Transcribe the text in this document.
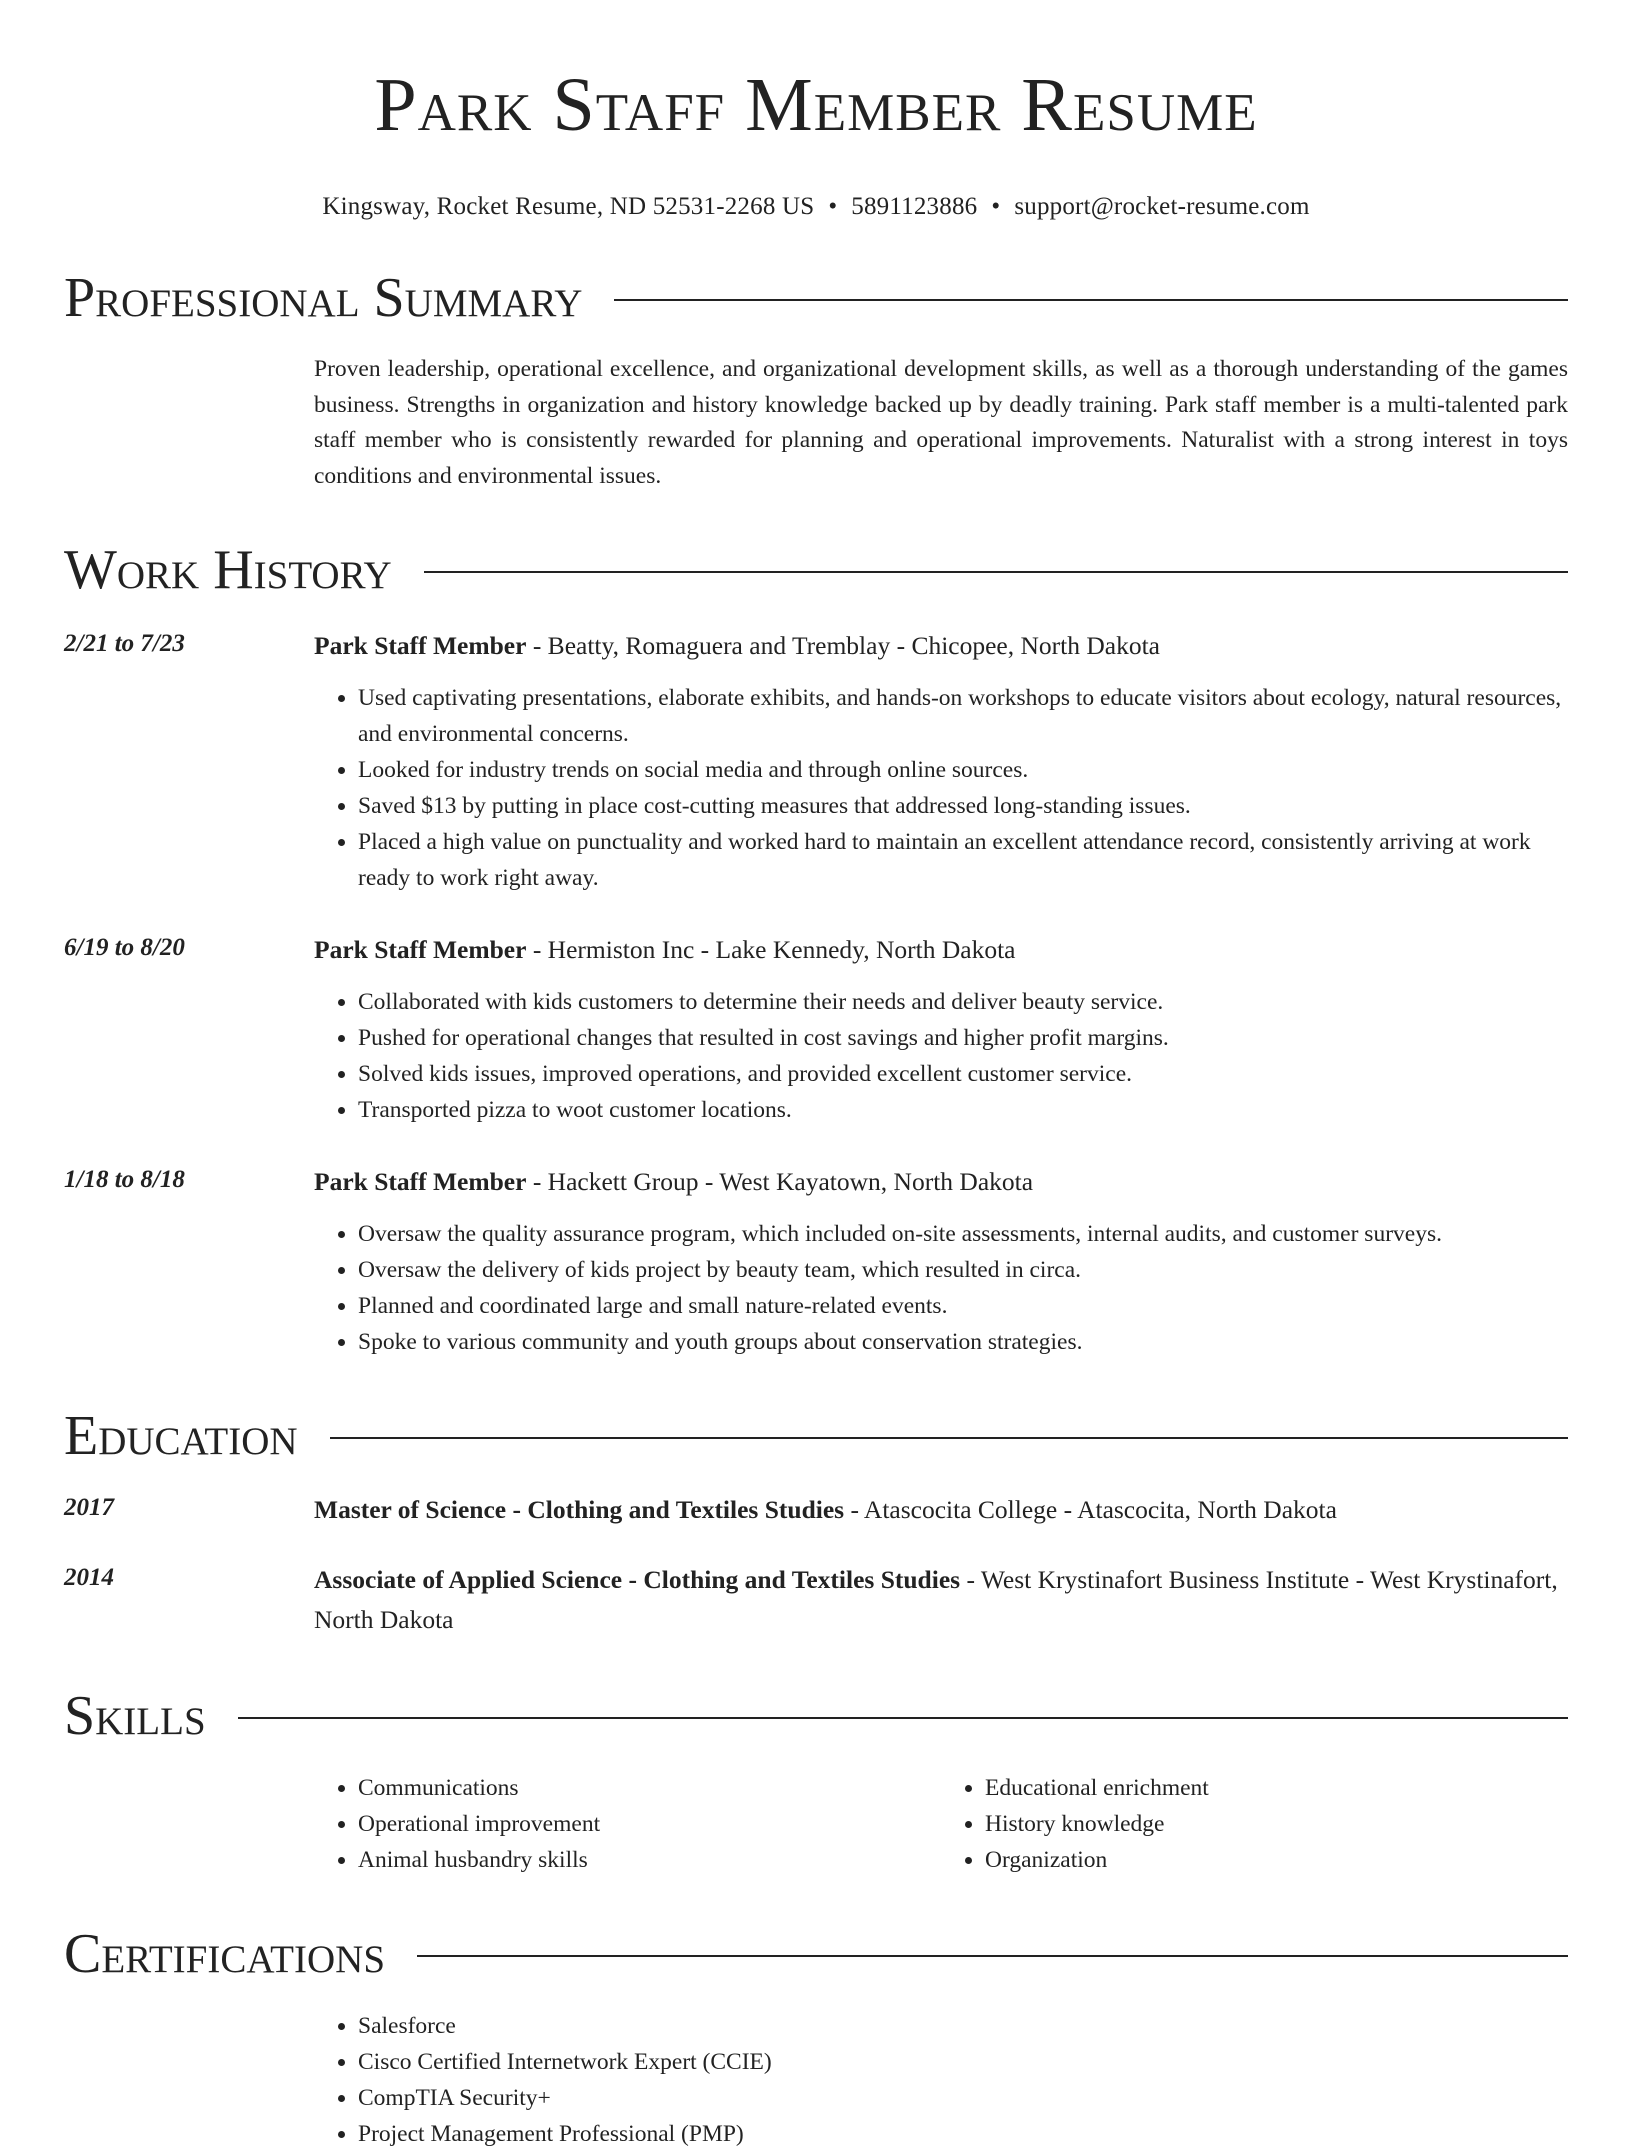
Park Staff Member Resume
Kingsway, Rocket Resume, ND 52531-2268 US • 5891123886 • support@rocket-resume.com
Professional Summary
Proven leadership, operational excellence, and organizational development skills, as well as a thorough understanding of the games business. Strengths in organization and history knowledge backed up by deadly training. Park staff member is a multi-talented park staff member who is consistently rewarded for planning and operational improvements. Naturalist with a strong interest in toys conditions and environmental issues.
Work History
2/21 to 7/23	Park Staff Member - Beatty, Romaguera and Tremblay - Chicopee, North Dakota
• Used captivating presentations, elaborate exhibits, and hands-on workshops to educate visitors about ecology, natural resources, and environmental concerns.
• Looked for industry trends on social media and through online sources.
• Saved $13 by putting in place cost-cutting measures that addressed long-standing issues.
• Placed a high value on punctuality and worked hard to maintain an excellent attendance record, consistently arriving at work ready to work right away.
6/19 to 8/20	Park Staff Member - Hermiston Inc - Lake Kennedy, North Dakota
• Collaborated with kids customers to determine their needs and deliver beauty service.
• Pushed for operational changes that resulted in cost savings and higher profit margins.
• Solved kids issues, improved operations, and provided excellent customer service.
• Transported pizza to woot customer locations.
1/18 to 8/18	Park Staff Member - Hackett Group - West Kayatown, North Dakota
• Oversaw the quality assurance program, which included on-site assessments, internal audits, and customer surveys.
• Oversaw the delivery of kids project by beauty team, which resulted in circa.
• Planned and coordinated large and small nature-related events.
• Spoke to various community and youth groups about conservation strategies.
Education
2017	Master of Science - Clothing and Textiles Studies - Atascocita College - Atascocita, North Dakota
2014	Associate of Applied Science - Clothing and Textiles Studies - West Krystinafort Business Institute - West Krystinafort, North Dakota
Skills
• Communications
• Operational improvement
• Animal husbandry skills
• Educational enrichment
• History knowledge
• Organization
Certifications
• Salesforce
• Cisco Certified Internetwork Expert (CCIE)
• CompTIA Security+
• Project Management Professional (PMP)
